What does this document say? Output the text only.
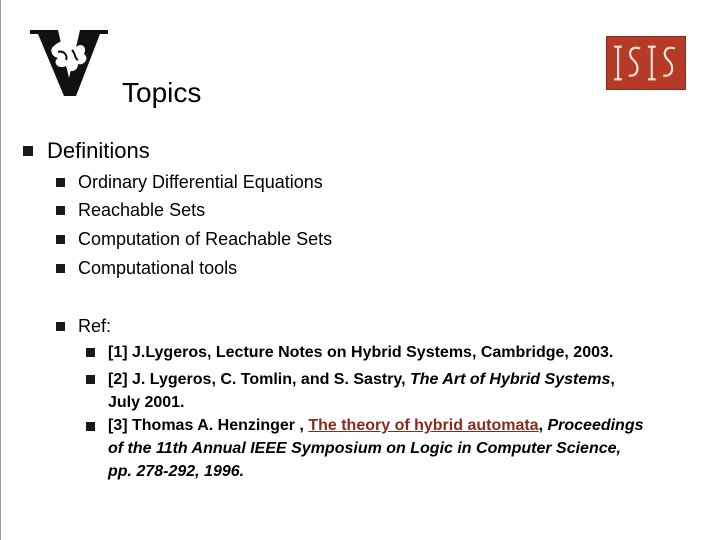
Topics
Definitions
Ordinary Differential Equations
Reachable Sets
Computation of Reachable Sets
Computational tools
Ref:
[1] J.Lygeros, Lecture Notes on Hybrid Systems, Cambridge, 2003.
[2] J. Lygeros, C. Tomlin, and S. Sastry, The Art of Hybrid Systems,
July 2001.
[3] Thomas A. Henzinger , The theory of hybrid automata, Proceedings
of the 11th Annual IEEE Symposium on Logic in Computer Science,
pp. 278-292, 1996.
